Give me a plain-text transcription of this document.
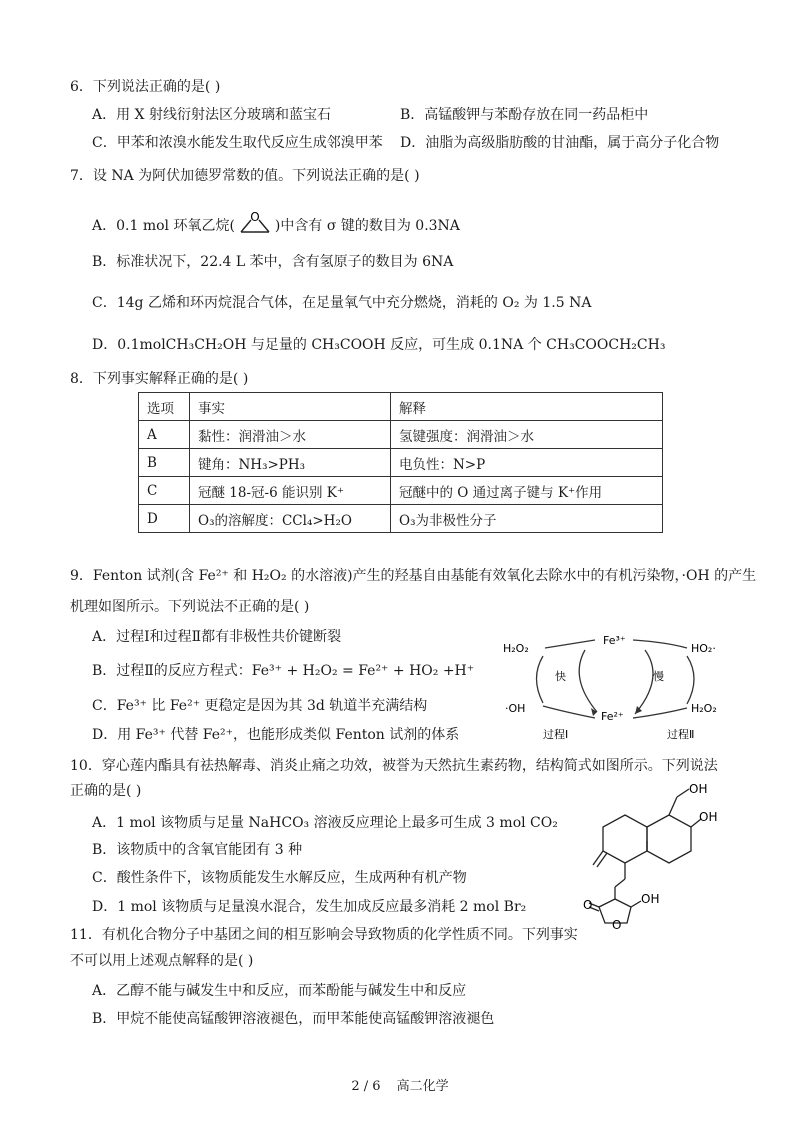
6．下列说法正确的是( )
A．用 X 射线衍射法区分玻璃和蓝宝石	B．高锰酸钾与苯酚存放在同一药品柜中
C．甲苯和浓溴水能发生取代反应生成邻溴甲苯 D．油脂为高级脂肪酸的甘油酯，属于高分子化合物
7．设 NA 为阿伏加德罗常数的值。下列说法正确的是( )
A．0.1 mol 环氧乙烷(
O
)中含有 σ 键的数目为 0.3NA
B．标准状况下，22.4 L 苯中，含有氢原子的数目为 6NA
C．14g 乙烯和环丙烷混合气体，在足量氧气中充分燃烧，消耗的 O₂ 为 1.5 NA
D．0.1molCH₃CH₂OH 与足量的 CH₃COOH 反应，可生成 0.1NA 个 CH₃COOCH₂CH₃
8．下列事实解释正确的是( )
选项	事实	解释
A	黏性：润滑油＞水	氢键强度：润滑油＞水
B	键角：NH₃>PH₃	电负性：N>P
C	冠醚 18-冠-6 能识别 K⁺	冠醚中的 O 通过离子键与 K⁺作用
D	O₃的溶解度：CCl₄>H₂O	O₃为非极性分子
9．Fenton 试剂(含 Fe²⁺ 和 H₂O₂ 的水溶液)产生的羟基自由基能有效氧化去除水中的有机污染物，·OH 的产生
机理如图所示。下列说法不正确的是( )
A．过程Ⅰ和过程Ⅱ都有非极性共价键断裂
B．过程Ⅱ的反应方程式：Fe³⁺ + H₂O₂ = Fe²⁺ + HO₂ +H⁺
C．Fe³⁺ 比 Fe²⁺ 更稳定是因为其 3d 轨道半充满结构
D．用 Fe³⁺ 代替 Fe²⁺，也能形成类似 Fenton 试剂的体系
H₂O₂
·OH
Fe³⁺
Fe²⁺
HO₂·
H₂O₂
快	慢
过程Ⅰ	过程Ⅱ
10．穿心莲内酯具有祛热解毒、消炎止痛之功效，被誉为天然抗生素药物，结构简式如图所示。下列说法
正确的是( )
A．1 mol 该物质与足量 NaHCO₃ 溶液反应理论上最多可生成 3 mol CO₂
B．该物质中的含氧官能团有 3 种
C．酸性条件下，该物质能发生水解反应，生成两种有机产物
D．1 mol 该物质与足量溴水混合，发生加成反应最多消耗 2 mol Br₂
OH
OH
OH
O
O
11．有机化合物分子中基团之间的相互影响会导致物质的化学性质不同。下列事实
不可以用上述观点解释的是( )
A．乙醇不能与碱发生中和反应，而苯酚能与碱发生中和反应
B．甲烷不能使高锰酸钾溶液褪色，而甲苯能使高锰酸钾溶液褪色
2 / 6 高二化学
